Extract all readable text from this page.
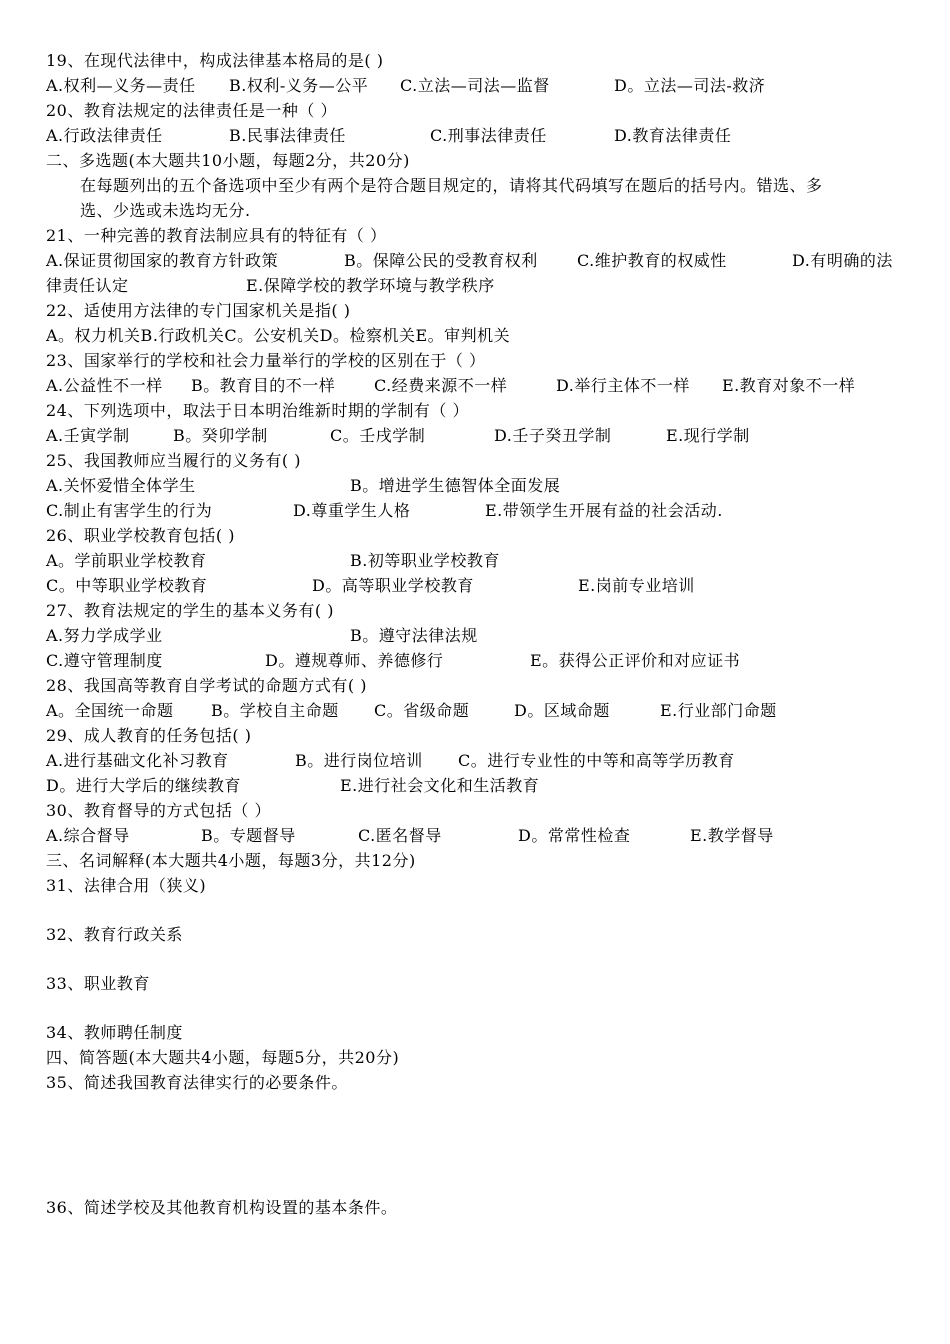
19、在现代法律中，构成法律基本格局的是( )
A.权利—义务—责任 B.权利-义务—公平 C.立法—司法—监督	D。立法—司法-救济
20、教育法规定的法律责任是一种（ ）
A.行政法律责任	B.民事法律责任	C.刑事法律责任	D.教育法律责任
二、多选题(本大题共10小题，每题2分，共20分)
在每题列出的五个备选项中至少有两个是符合题目规定的，请将其代码填写在题后的括号内。错选、多
选、少选或未选均无分.
21、一种完善的教育法制应具有的特征有（ ）
A.保证贯彻国家的教育方针政策	B。保障公民的受教育权利 C.维护教育的权威性	D.有明确的法
律责任认定	E.保障学校的教学环境与教学秩序
22、适使用方法律的专门国家机关是指( )
A。权力机关B.行政机关C。公安机关D。检察机关E。审判机关
23、国家举行的学校和社会力量举行的学校的区别在于（ ）
A.公益性不一样 B。教育目的不一样 C.经费来源不一样	D.举行主体不一样 E.教育对象不一样
24、下列选项中，取法于日本明治维新时期的学制有（ ）
A.壬寅学制	B。癸卯学制	C。壬戌学制	D.壬子癸丑学制	E.现行学制
25、我国教师应当履行的义务有( )
A.关怀爱惜全体学生	B。增进学生德智体全面发展
C.制止有害学生的行为	D.尊重学生人格	E.带领学生开展有益的社会活动.
26、职业学校教育包括( )
A。学前职业学校教育	B.初等职业学校教育
C。中等职业学校教育	D。高等职业学校教育	E.岗前专业培训
27、教育法规定的学生的基本义务有( )
A.努力学成学业	B。遵守法律法规
C.遵守管理制度	D。遵规尊师、养德修行	E。获得公正评价和对应证书
28、我国高等教育自学考试的命题方式有( )
A。全国统一命题 B。学校自主命题 C。省级命题	D。区域命题	E.行业部门命题
29、成人教育的任务包括( )
A.进行基础文化补习教育	B。进行岗位培训 C。进行专业性的中等和高等学历教育
D。进行大学后的继续教育	E.进行社会文化和生活教育
30、教育督导的方式包括（ ）
A.综合督导	B。专题督导	C.匿名督导	D。常常性检查	E.教学督导
三、名词解释(本大题共4小题，每题3分，共12分)
31、法律合用（狭义)
32、教育行政关系
33、职业教育
34、教师聘任制度
四、简答题(本大题共4小题，每题5分，共20分)
35、简述我国教育法律实行的必要条件。
36、简述学校及其他教育机构设置的基本条件。
